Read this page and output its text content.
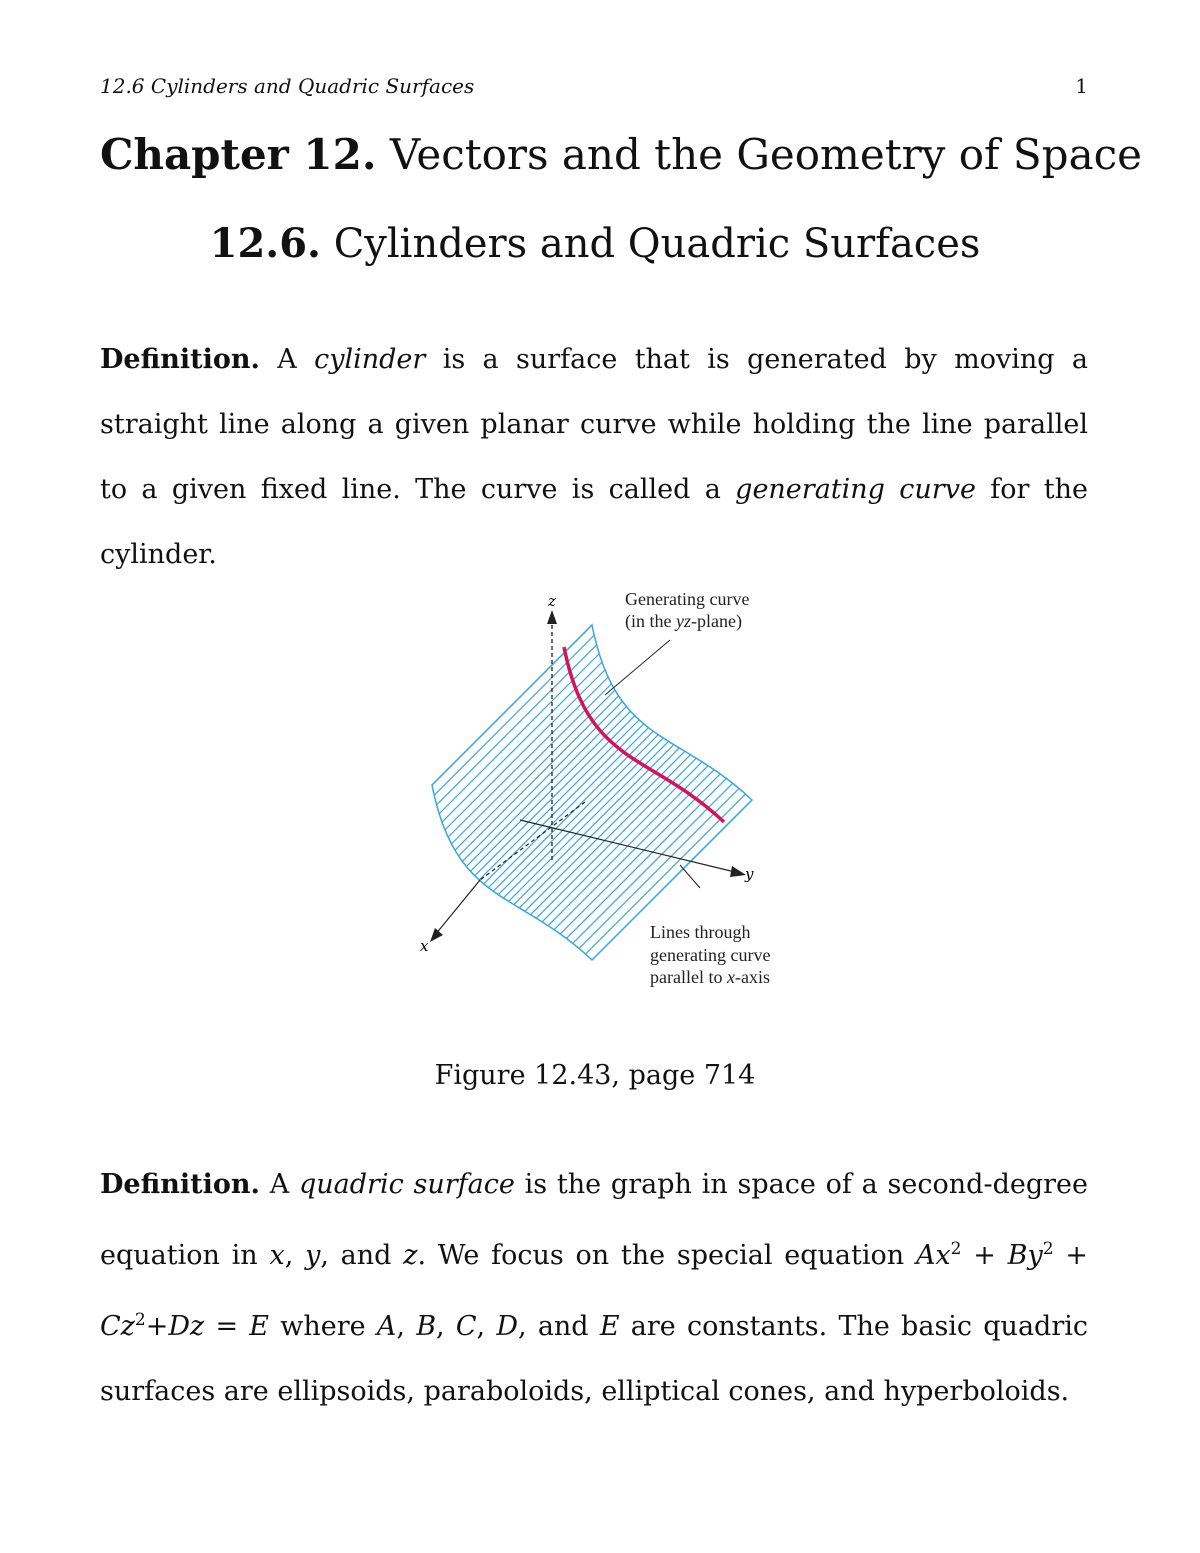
12.6 Cylinders and Quadric Surfaces	1
Chapter 12. Vectors and the Geometry of Space
12.6. Cylinders and Quadric Surfaces
Definition. A cylinder is a surface that is generated by moving a straight line along a given planar curve while holding the line parallel to a given fixed line. The curve is called a generating curve for the cylinder.
z
y
x
Generating curve
(in the yz-plane)
Lines through
generating curve
parallel to x-axis
Figure 12.43, page 714
Definition. A quadric surface is the graph in space of a second-degree equation in x, y, and z. We focus on the special equation $Ax^2 + By^2 + Cz^2+Dz = E$ where A, B, C, D, and E are constants. The basic quadric surfaces are ellipsoids, paraboloids, elliptical cones, and hyperboloids.
